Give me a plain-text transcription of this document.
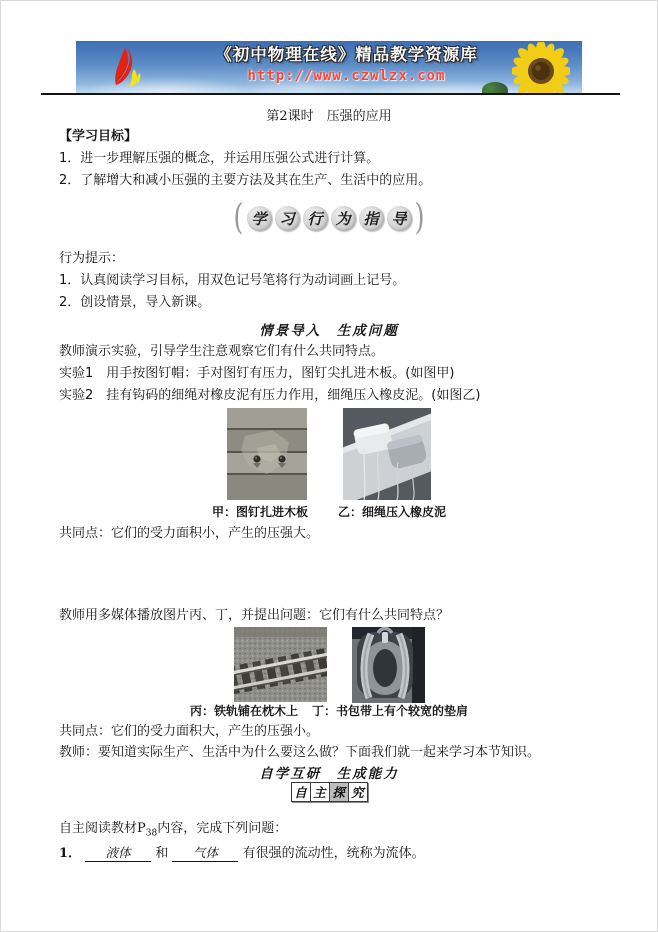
《初中物理在线》精品教学资源库
http://www.czwlzx.com
第2课时　压强的应用
【学习目标】
1．进一步理解压强的概念，并运用压强公式进行计算。
2．了解增大和减小压强的主要方法及其在生产、生活中的应用。
( 学 习 行 为 指 导 )
行为提示：
1．认真阅读学习目标，用双色记号笔将行为动词画上记号。
2．创设情景，导入新课。
情景导入　生成问题
教师演示实验，引导学生注意观察它们有什么共同特点。
实验1　用手按图钉帽：手对图钉有压力，图钉尖扎进木板。(如图甲)
实验2　挂有钩码的细绳对橡皮泥有压力作用，细绳压入橡皮泥。(如图乙)
甲：图钉扎进木板	乙：细绳压入橡皮泥
共同点：它们的受力面积小，产生的压强大。
教师用多媒体播放图片丙、丁，并提出问题：它们有什么共同特点？
丙：铁轨铺在枕木上 丁：书包带上有个较宽的垫肩
共同点：它们的受力面积大，产生的压强小。
教师：要知道实际生产、生活中为什么要这么做？下面我们就一起来学习本节知识。
自学互研　生成能力
自 主 探 究
自主阅读教材$P_{38}$内容，完成下列问题：
1． 液体 和 气体 有很强的流动性，统称为流体。
